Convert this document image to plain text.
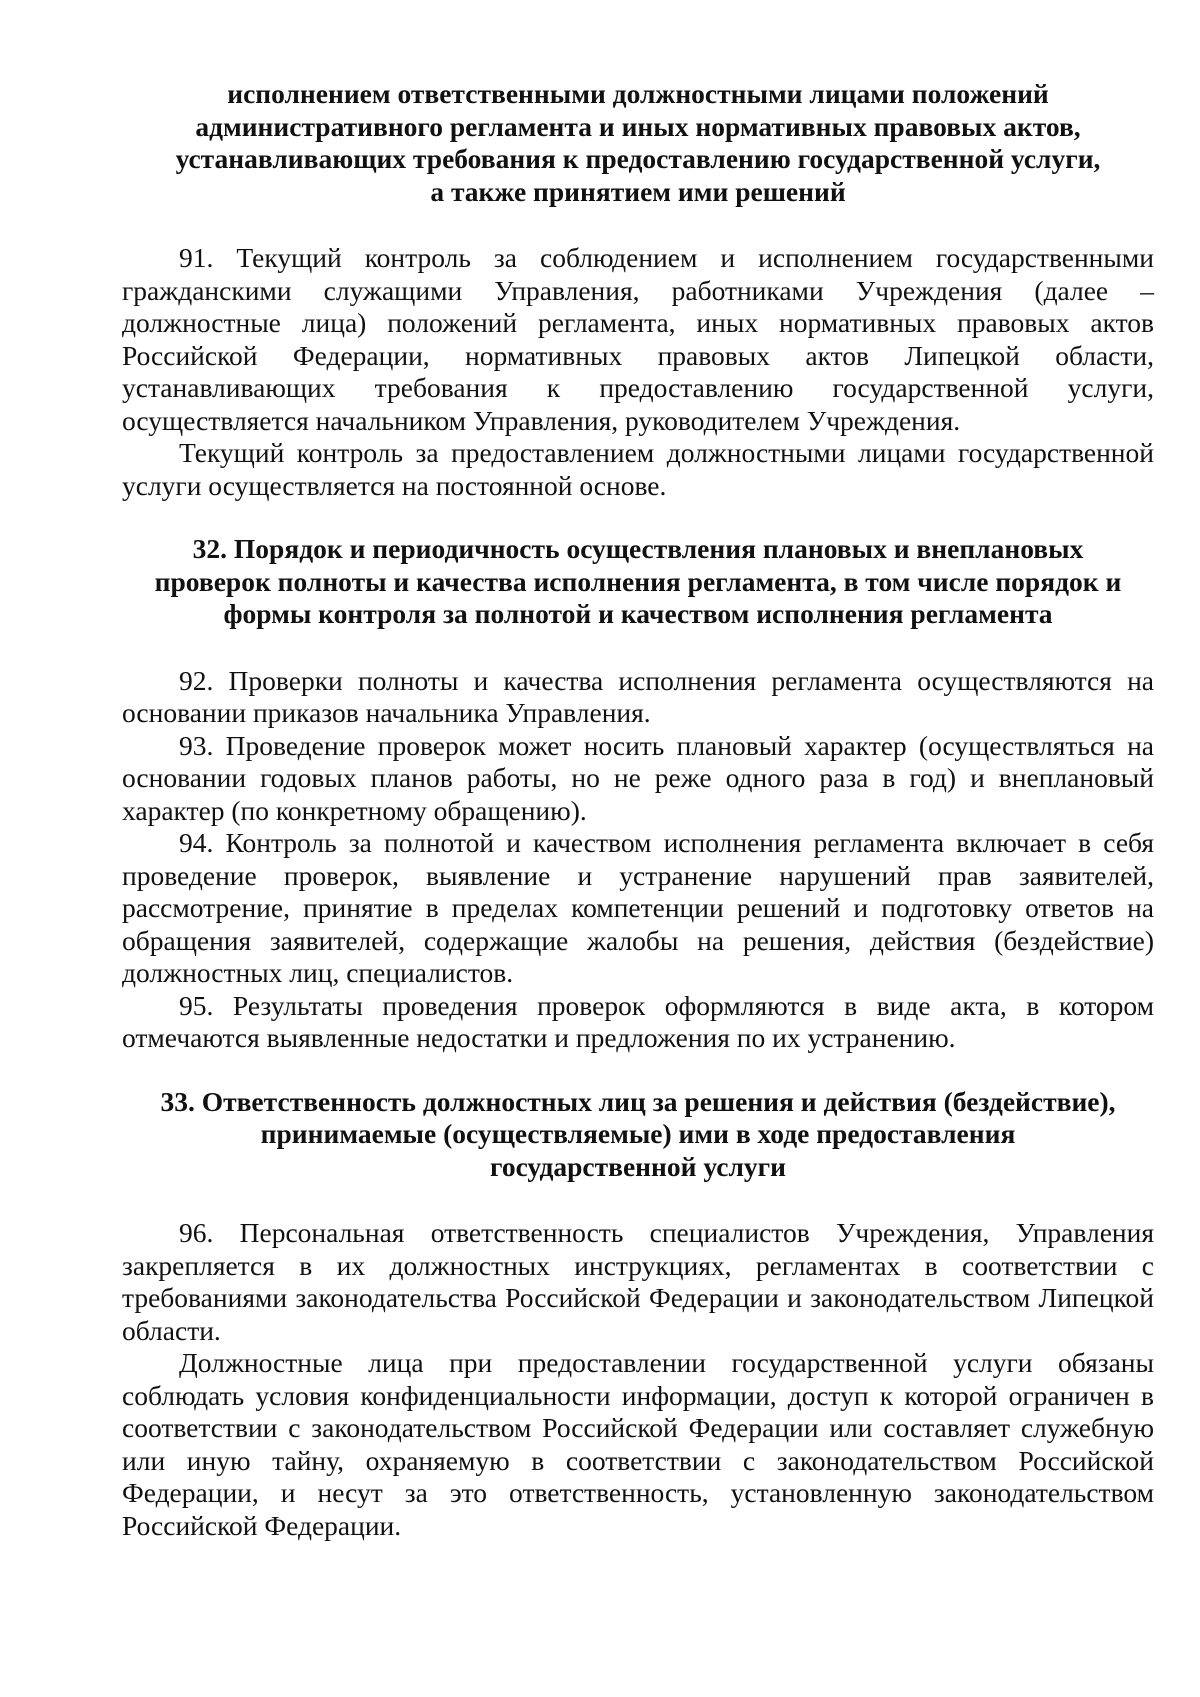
исполнением ответственными должностными лицами положений
административного регламента и иных нормативных правовых актов,
устанавливающих требования к предоставлению государственной услуги,
а также принятием ими решений

91. Текущий контроль за соблюдением и исполнением государственными гражданскими служащими Управления, работниками Учреждения (далее – должностные лица) положений регламента, иных нормативных правовых актов Российской Федерации, нормативных правовых актов Липецкой области, устанавливающих требования к предоставлению государственной услуги, осуществляется начальником Управления, руководителем Учреждения.

Текущий контроль за предоставлением должностными лицами государственной услуги осуществляется на постоянной основе.

32. Порядок и периодичность осуществления плановых и внеплановых
проверок полноты и качества исполнения регламента, в том числе порядок и
формы контроля за полнотой и качеством исполнения регламента

92. Проверки полноты и качества исполнения регламента осуществляются на основании приказов начальника Управления.

93. Проведение проверок может носить плановый характер (осуществляться на основании годовых планов работы, но не реже одного раза в год) и внеплановый характер (по конкретному обращению).

94. Контроль за полнотой и качеством исполнения регламента включает в себя проведение проверок, выявление и устранение нарушений прав заявителей, рассмотрение, принятие в пределах компетенции решений и подготовку ответов на обращения заявителей, содержащие жалобы на решения, действия (бездействие) должностных лиц, специалистов.

95. Результаты проведения проверок оформляются в виде акта, в котором отмечаются выявленные недостатки и предложения по их устранению.

33. Ответственность должностных лиц за решения и действия (бездействие),
принимаемые (осуществляемые) ими в ходе предоставления
государственной услуги

96. Персональная ответственность специалистов Учреждения, Управления закрепляется в их должностных инструкциях, регламентах в соответствии с требованиями законодательства Российской Федерации и законодательством Липецкой области.

Должностные лица при предоставлении государственной услуги обязаны соблюдать условия конфиденциальности информации, доступ к которой ограничен в соответствии с законодательством Российской Федерации или составляет служебную или иную тайну, охраняемую в соответствии с законодательством Российской Федерации, и несут за это ответственность, установленную законодательством Российской Федерации.
